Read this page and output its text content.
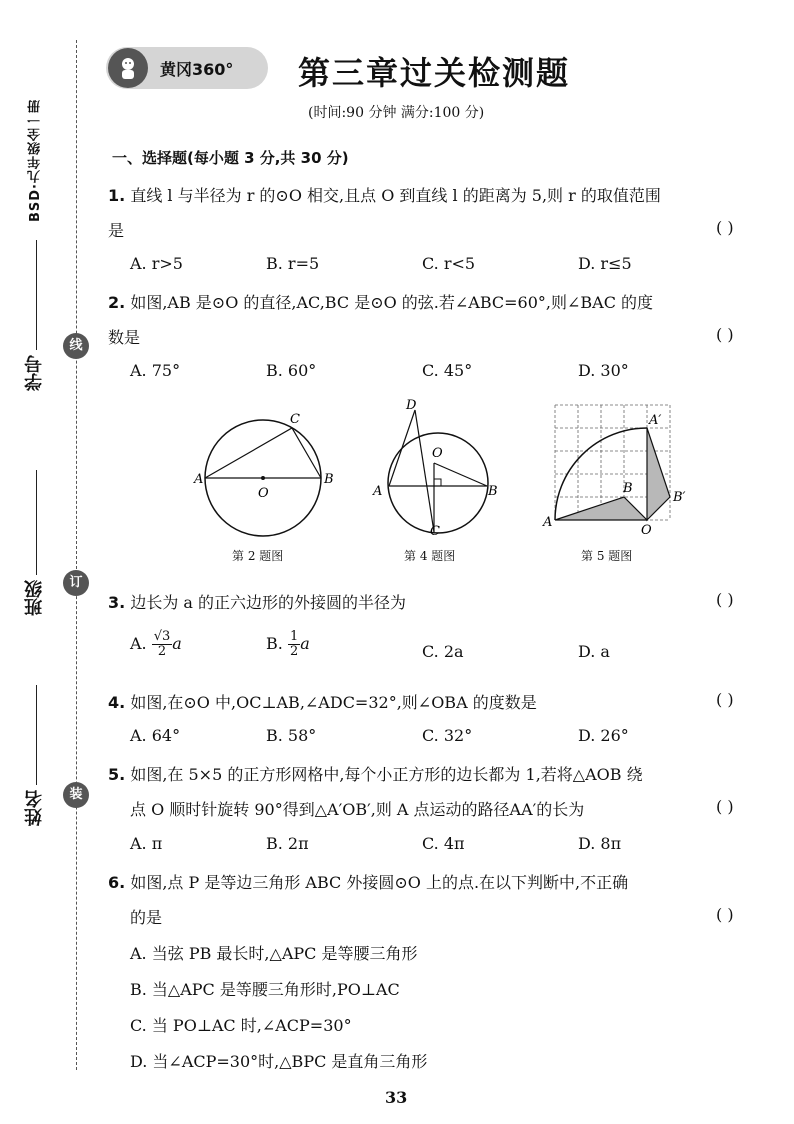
BSD·九年级全一册
学号
班级
姓名
线
订
装
黄冈360° 第三章过关检测题
(时间:90 分钟 满分:100 分)
一、选择题(每小题 3 分,共 30 分)
1. 直线 l 与半径为 r 的⊙O 相交,且点 O 到直线 l 的距离为 5,则 r 的取值范围
是	( )
A. r>5	B. r=5	C. r<5	D. r≤5
2. 如图,AB 是⊙O 的直径,AC,BC 是⊙O 的弦.若∠ABC=60°,则∠BAC 的度
数是	( )
A. 75°	B. 60°	C. 45°	D. 30°
A
O
B
C
第 2 题图
D
O
A	B
C
第 4 题图
A
B
O
A′
B′
第 5 题图
3. 边长为 a 的正六边形的外接圆的半径为	( )
A. $\frac{√3}{2}$ a	B. $\frac{1}{2}$ a	C. 2a	D. a
4. 如图,在⊙O 中,OC⊥AB,∠ADC=32°,则∠OBA 的度数是	( )
A. 64°	B. 58°	C. 32°	D. 26°
5. 如图,在 5×5 的正方形网格中,每个小正方形的边长都为 1,若将△AOB 绕
点 O 顺时针旋转 90°得到△A′OB′,则 A 点运动的路径AA′的长为	( )
A. π	B. 2π	C. 4π	D. 8π
6. 如图,点 P 是等边三角形 ABC 外接圆⊙O 上的点.在以下判断中,不正确
的是	( )
A. 当弦 PB 最长时,△APC 是等腰三角形
B. 当△APC 是等腰三角形时,PO⊥AC
C. 当 PO⊥AC 时,∠ACP=30°
D. 当∠ACP=30°时,△BPC 是直角三角形
33
